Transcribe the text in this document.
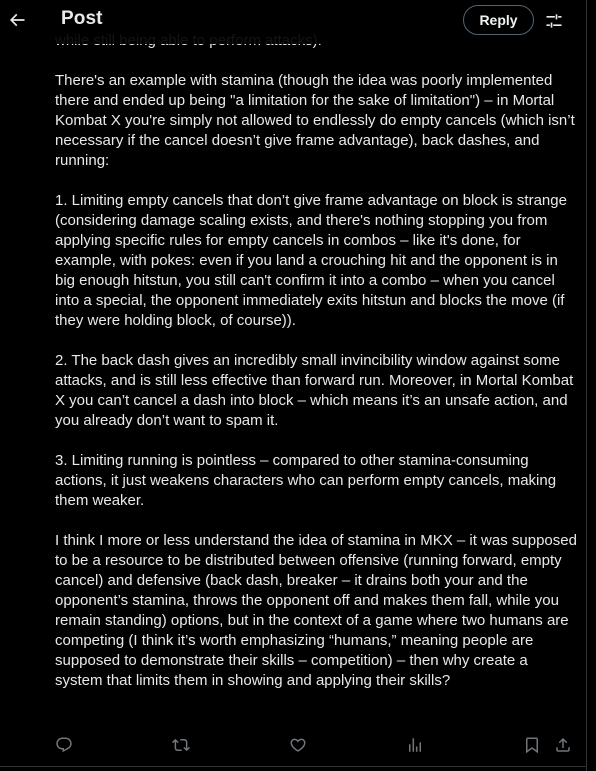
Post	Reply

There's an example with stamina (though the idea was poorly implemented there and ended up being "a limitation for the sake of limitation") – in Mortal Kombat X you're simply not allowed to endlessly do empty cancels (which isn’t necessary if the cancel doesn’t give frame advantage), back dashes, and running:

1. Limiting empty cancels that don’t give frame advantage on block is strange (considering damage scaling exists, and there's nothing stopping you from applying specific rules for empty cancels in combos – like it's done, for example, with pokes: even if you land a crouching hit and the opponent is in big enough hitstun, you still can't confirm it into a combo – when you cancel into a special, the opponent immediately exits hitstun and blocks the move (if they were holding block, of course)).

2. The back dash gives an incredibly small invincibility window against some attacks, and is still less effective than forward run. Moreover, in Mortal Kombat X you can’t cancel a dash into block – which means it’s an unsafe action, and you already don’t want to spam it.

3. Limiting running is pointless – compared to other stamina-consuming actions, it just weakens characters who can perform empty cancels, making them weaker.

I think I more or less understand the idea of stamina in MKX – it was supposed to be a resource to be distributed between offensive (running forward, empty cancel) and defensive (back dash, breaker – it drains both your and the opponent’s stamina, throws the opponent off and makes them fall, while you remain standing) options, but in the context of a game where two humans are competing (I think it’s worth emphasizing “humans,” meaning people are supposed to demonstrate their skills – competition) – then why create a system that limits them in showing and applying their skills?
